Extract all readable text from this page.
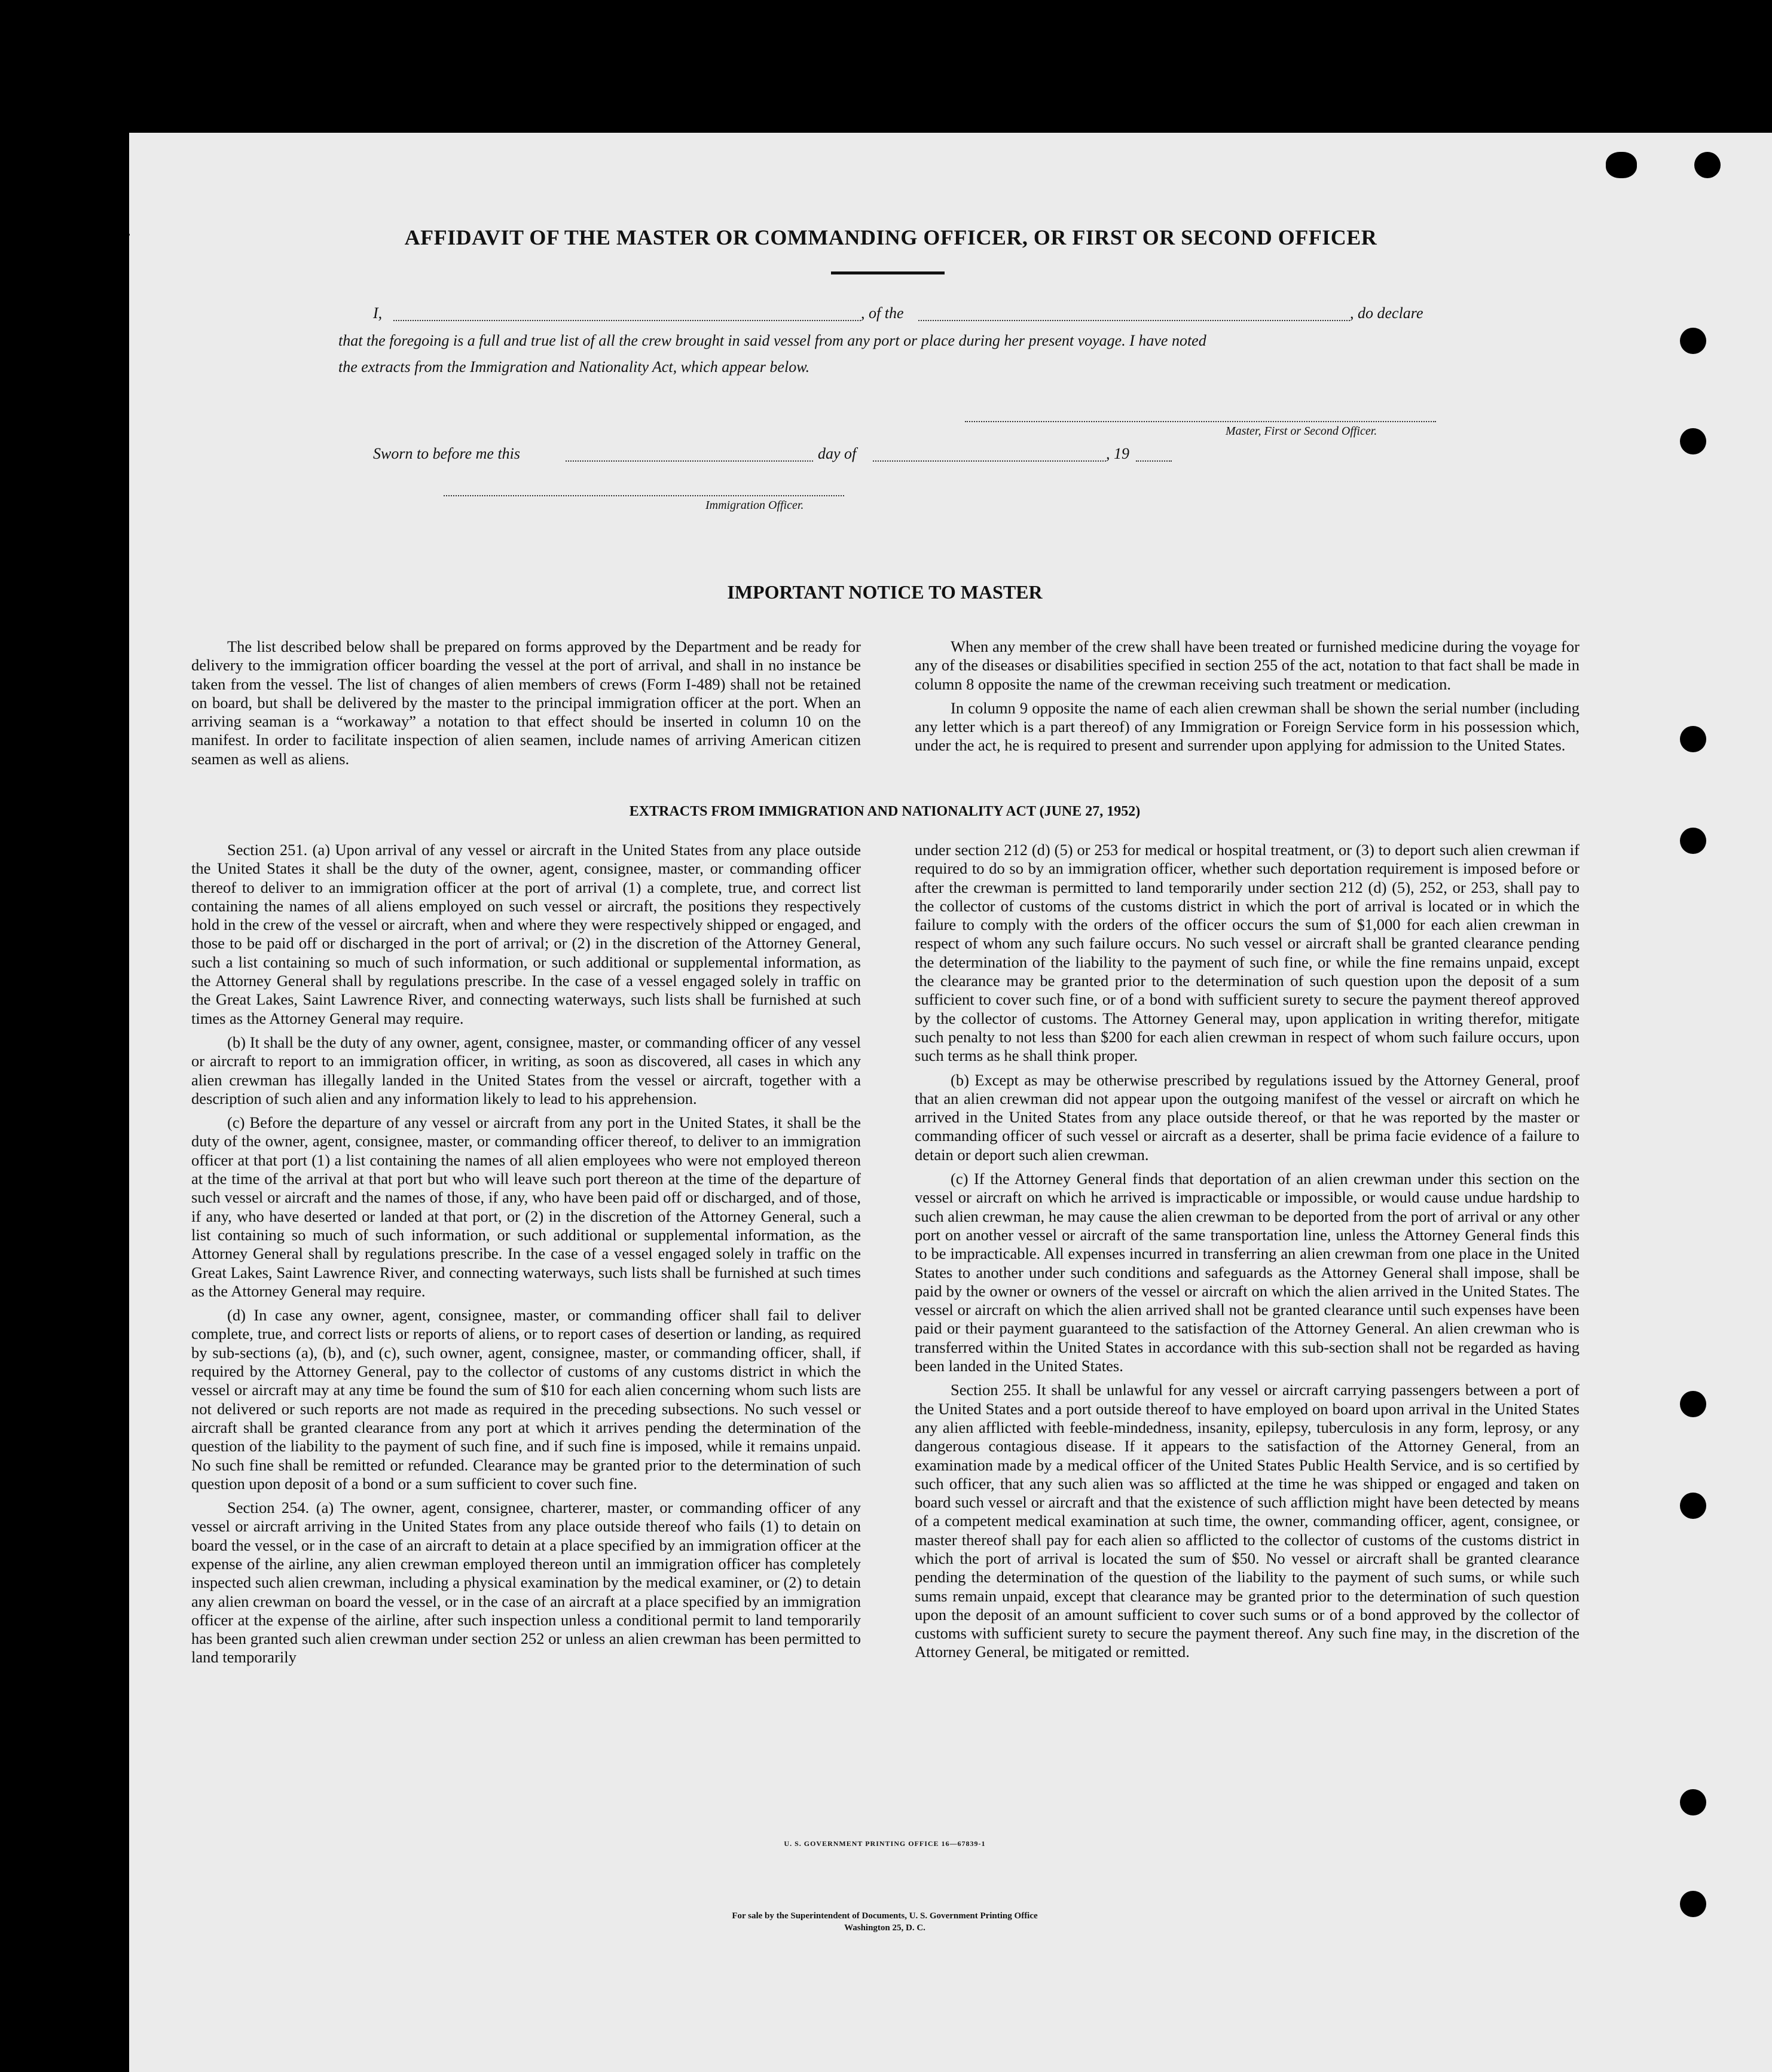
AFFIDAVIT OF THE MASTER OR COMMANDING OFFICER, OR FIRST OR SECOND OFFICER
I,	, of the	, do declare
that the foregoing is a full and true list of all the crew brought in said vessel from any port or place during her present voyage. I have noted
the extracts from the Immigration and Nationality Act, which appear below.
Master, First or Second Officer.
Sworn to before me this	day of	, 19
Immigration Officer.
IMPORTANT NOTICE TO MASTER

The list described below shall be prepared on forms approved by the Department and be ready for delivery to the immigration officer boarding the vessel at the port of arrival, and shall in no instance be taken from the vessel. The list of changes of alien members of crews (Form I-489) shall not be retained on board, but shall be delivered by the master to the principal immigration officer at the port. When an arriving seaman is a “workaway” a notation to that effect should be inserted in column 10 on the manifest. In order to facilitate inspection of alien seamen, include names of arriving American citizen seamen as well as aliens.

When any member of the crew shall have been treated or furnished medicine during the voyage for any of the diseases or disabilities specified in section 255 of the act, notation to that fact shall be made in column 8 opposite the name of the crewman receiving such treatment or medication.

In column 9 opposite the name of each alien crewman shall be shown the serial number (including any letter which is a part thereof) of any Immigration or Foreign Service form in his possession which, under the act, he is required to present and surrender upon applying for admission to the United States.

EXTRACTS FROM IMMIGRATION AND NATIONALITY ACT (JUNE 27, 1952)

Section 251. (a) Upon arrival of any vessel or aircraft in the United States from any place outside the United States it shall be the duty of the owner, agent, consignee, master, or commanding officer thereof to deliver to an immigration officer at the port of arrival (1) a complete, true, and correct list containing the names of all aliens employed on such vessel or aircraft, the positions they respectively hold in the crew of the vessel or aircraft, when and where they were respectively shipped or engaged, and those to be paid off or discharged in the port of arrival; or (2) in the discretion of the Attorney General, such a list containing so much of such information, or such additional or supplemental information, as the Attorney General shall by regulations prescribe. In the case of a vessel engaged solely in traffic on the Great Lakes, Saint Lawrence River, and connecting waterways, such lists shall be furnished at such times as the Attorney General may require.

(b) It shall be the duty of any owner, agent, consignee, master, or commanding officer of any vessel or aircraft to report to an immigration officer, in writing, as soon as discovered, all cases in which any alien crewman has illegally landed in the United States from the vessel or aircraft, together with a description of such alien and any information likely to lead to his apprehension.

(c) Before the departure of any vessel or aircraft from any port in the United States, it shall be the duty of the owner, agent, consignee, master, or commanding officer thereof, to deliver to an immigration officer at that port (1) a list containing the names of all alien employees who were not employed thereon at the time of the arrival at that port but who will leave such port thereon at the time of the departure of such vessel or aircraft and the names of those, if any, who have been paid off or discharged, and of those, if any, who have deserted or landed at that port, or (2) in the discretion of the Attorney General, such a list containing so much of such information, or such additional or supplemental information, as the Attorney General shall by regulations prescribe. In the case of a vessel engaged solely in traffic on the Great Lakes, Saint Lawrence River, and connecting waterways, such lists shall be furnished at such times as the Attorney General may require.

(d) In case any owner, agent, consignee, master, or commanding officer shall fail to deliver complete, true, and correct lists or reports of aliens, or to report cases of desertion or landing, as required by sub-sections (a), (b), and (c), such owner, agent, consignee, master, or commanding officer, shall, if required by the Attorney General, pay to the collector of customs of any customs district in which the vessel or aircraft may at any time be found the sum of $10 for each alien concerning whom such lists are not delivered or such reports are not made as required in the preceding subsections. No such vessel or aircraft shall be granted clearance from any port at which it arrives pending the determination of the question of the liability to the payment of such fine, and if such fine is imposed, while it remains unpaid. No such fine shall be remitted or refunded. Clearance may be granted prior to the determination of such question upon deposit of a bond or a sum sufficient to cover such fine.

Section 254. (a) The owner, agent, consignee, charterer, master, or commanding officer of any vessel or aircraft arriving in the United States from any place outside thereof who fails (1) to detain on board the vessel, or in the case of an aircraft to detain at a place specified by an immigration officer at the expense of the airline, any alien crewman employed thereon until an immigration officer has completely inspected such alien crewman, including a physical examination by the medical examiner, or (2) to detain any alien crewman on board the vessel, or in the case of an aircraft at a place specified by an immigration officer at the expense of the airline, after such inspection unless a conditional permit to land temporarily has been granted such alien crewman under section 252 or unless an alien crewman has been permitted to land temporarily

under section 212 (d) (5) or 253 for medical or hospital treatment, or (3) to deport such alien crewman if required to do so by an immigration officer, whether such deportation requirement is imposed before or after the crewman is permitted to land temporarily under section 212 (d) (5), 252, or 253, shall pay to the collector of customs of the customs district in which the port of arrival is located or in which the failure to comply with the orders of the officer occurs the sum of $1,000 for each alien crewman in respect of whom any such failure occurs. No such vessel or aircraft shall be granted clearance pending the determination of the liability to the payment of such fine, or while the fine remains unpaid, except the clearance may be granted prior to the determination of such question upon the deposit of a sum sufficient to cover such fine, or of a bond with sufficient surety to secure the payment thereof approved by the collector of customs. The Attorney General may, upon application in writing therefor, mitigate such penalty to not less than $200 for each alien crewman in respect of whom such failure occurs, upon such terms as he shall think proper.

(b) Except as may be otherwise prescribed by regulations issued by the Attorney General, proof that an alien crewman did not appear upon the outgoing manifest of the vessel or aircraft on which he arrived in the United States from any place outside thereof, or that he was reported by the master or commanding officer of such vessel or aircraft as a deserter, shall be prima facie evidence of a failure to detain or deport such alien crewman.

(c) If the Attorney General finds that deportation of an alien crewman under this section on the vessel or aircraft on which he arrived is impracticable or impossible, or would cause undue hardship to such alien crewman, he may cause the alien crewman to be deported from the port of arrival or any other port on another vessel or aircraft of the same transportation line, unless the Attorney General finds this to be impracticable. All expenses incurred in transferring an alien crewman from one place in the United States to another under such conditions and safeguards as the Attorney General shall impose, shall be paid by the owner or owners of the vessel or aircraft on which the alien arrived in the United States. The vessel or aircraft on which the alien arrived shall not be granted clearance until such expenses have been paid or their payment guaranteed to the satisfaction of the Attorney General. An alien crewman who is transferred within the United States in accordance with this sub-section shall not be regarded as having been landed in the United States.

Section 255. It shall be unlawful for any vessel or aircraft carrying passengers between a port of the United States and a port outside thereof to have employed on board upon arrival in the United States any alien afflicted with feeble-mindedness, insanity, epilepsy, tuberculosis in any form, leprosy, or any dangerous contagious disease. If it appears to the satisfaction of the Attorney General, from an examination made by a medical officer of the United States Public Health Service, and is so certified by such officer, that any such alien was so afflicted at the time he was shipped or engaged and taken on board such vessel or aircraft and that the existence of such affliction might have been detected by means of a competent medical examination at such time, the owner, commanding officer, agent, consignee, or master thereof shall pay for each alien so afflicted to the collector of customs of the customs district in which the port of arrival is located the sum of $50. No vessel or aircraft shall be granted clearance pending the determination of the question of the liability to the payment of such sums, or while such sums remain unpaid, except that clearance may be granted prior to the determination of such question upon the deposit of an amount sufficient to cover such sums or of a bond approved by the collector of customs with sufficient surety to secure the payment thereof. Any such fine may, in the discretion of the Attorney General, be mitigated or remitted.

U. S. GOVERNMENT PRINTING OFFICE 16—67839-1
For sale by the Superintendent of Documents, U. S. Government Printing Office
Washington 25, D. C.
